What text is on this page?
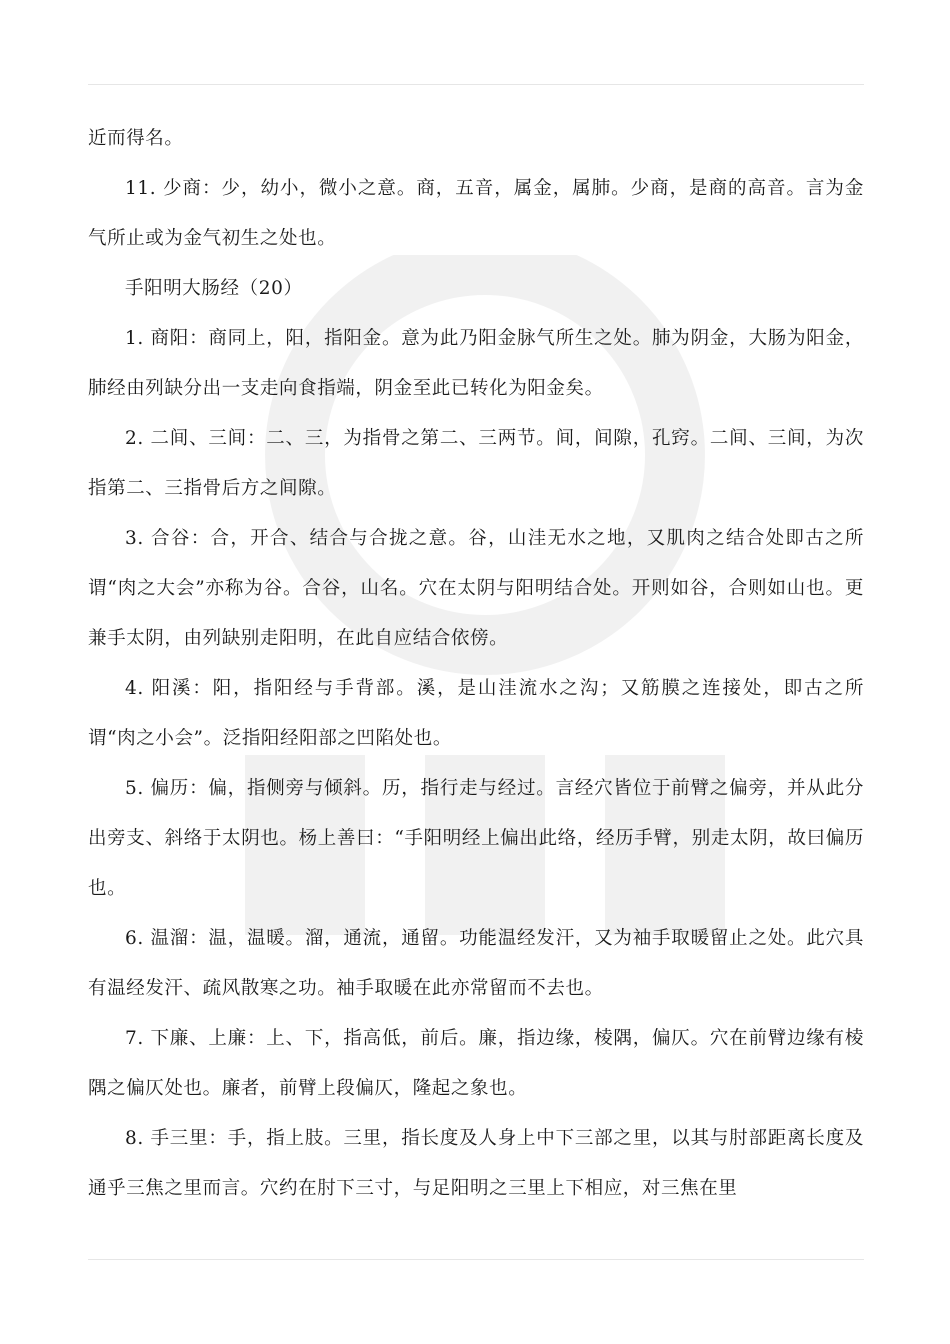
近而得名。

11. 少商：少，幼小，微小之意。商，五音，属金，属肺。少商，是商的高音。言为金气所止或为金气初生之处也。

手阳明大肠经（20）

1. 商阳：商同上，阳，指阳金。意为此乃阳金脉气所生之处。肺为阴金，大肠为阳金，肺经由列缺分出一支走向食指端，阴金至此已转化为阳金矣。

2. 二间、三间：二、三，为指骨之第二、三两节。间，间隙，孔窍。二间、三间，为次指第二、三指骨后方之间隙。

3. 合谷：合，开合、结合与合拢之意。谷，山洼无水之地，又肌肉之结合处即古之所谓“肉之大会”亦称为谷。合谷，山名。穴在太阴与阳明结合处。开则如谷，合则如山也。更兼手太阴，由列缺别走阳明，在此自应结合依傍。

4. 阳溪：阳，指阳经与手背部。溪，是山洼流水之沟；又筋膜之连接处，即古之所谓“肉之小会”。泛指阳经阳部之凹陷处也。

5. 偏历：偏，指侧旁与倾斜。历，指行走与经过。言经穴皆位于前臂之偏旁，并从此分出旁支、斜络于太阴也。杨上善曰：“手阳明经上偏出此络，经历手臂，别走太阴，故曰偏历也。

6. 温溜：温，温暖。溜，通流，通留。功能温经发汗，又为袖手取暖留止之处。此穴具有温经发汗、疏风散寒之功。袖手取暖在此亦常留而不去也。

7. 下廉、上廉：上、下，指高低，前后。廉，指边缘，棱隅，偏仄。穴在前臂边缘有棱隅之偏仄处也。廉者，前臂上段偏仄，隆起之象也。

8. 手三里：手，指上肢。三里，指长度及人身上中下三部之里，以其与肘部距离长度及通乎三焦之里而言。穴约在肘下三寸，与足阳明之三里上下相应，对三焦在里
